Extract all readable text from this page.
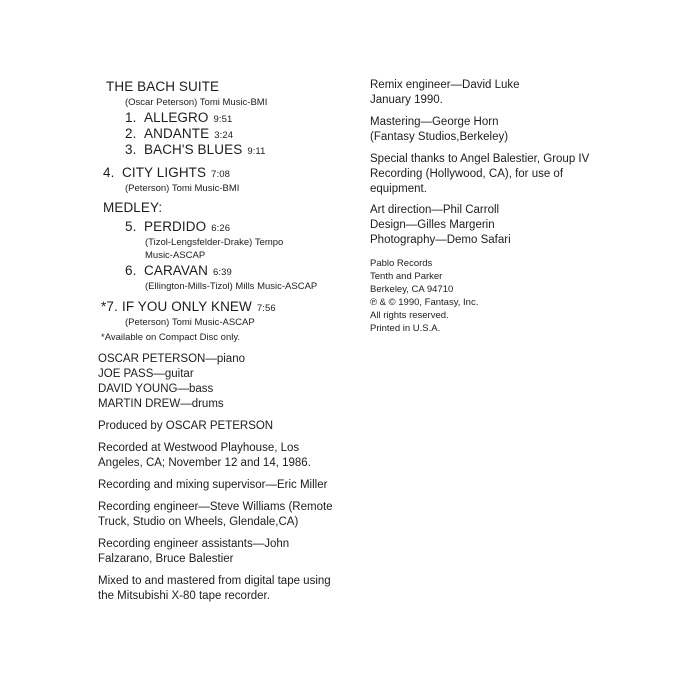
THE BACH SUITE
(Oscar Peterson) Tomi Music-BMI
1. ALLEGRO 9:51
2. ANDANTE 3:24
3. BACH'S BLUES 9:11
4. CITY LIGHTS 7:08
(Peterson) Tomi Music-BMI
MEDLEY:
5. PERDIDO 6:26
(Tizol-Lengsfelder-Drake) Tempo
Music-ASCAP
6. CARAVAN 6:39
(Ellington-Mills-Tizol) Mills Music-ASCAP
*7. IF YOU ONLY KNEW 7:56
(Peterson) Tomi Music-ASCAP
*Available on Compact Disc only.
OSCAR PETERSON—piano
JOE PASS—guitar
DAVID YOUNG—bass
MARTIN DREW—drums
Produced by OSCAR PETERSON
Recorded at Westwood Playhouse, Los
Angeles, CA; November 12 and 14, 1986.
Recording and mixing supervisor—Eric Miller
Recording engineer—Steve Williams (Remote
Truck, Studio on Wheels, Glendale,CA)
Recording engineer assistants—John
Falzarano, Bruce Balestier
Mixed to and mastered from digital tape using
the Mitsubishi X-80 tape recorder.
Remix engineer—David Luke
January 1990.
Mastering—George Horn
(Fantasy Studios,Berkeley)
Special thanks to Angel Balestier, Group IV
Recording (Hollywood, CA), for use of
equipment.
Art direction—Phil Carroll
Design—Gilles Margerin
Photography—Demo Safari
Pablo Records
Tenth and Parker
Berkeley, CA 94710
℗ & © 1990, Fantasy, Inc.
All rights reserved.
Printed in U.S.A.
